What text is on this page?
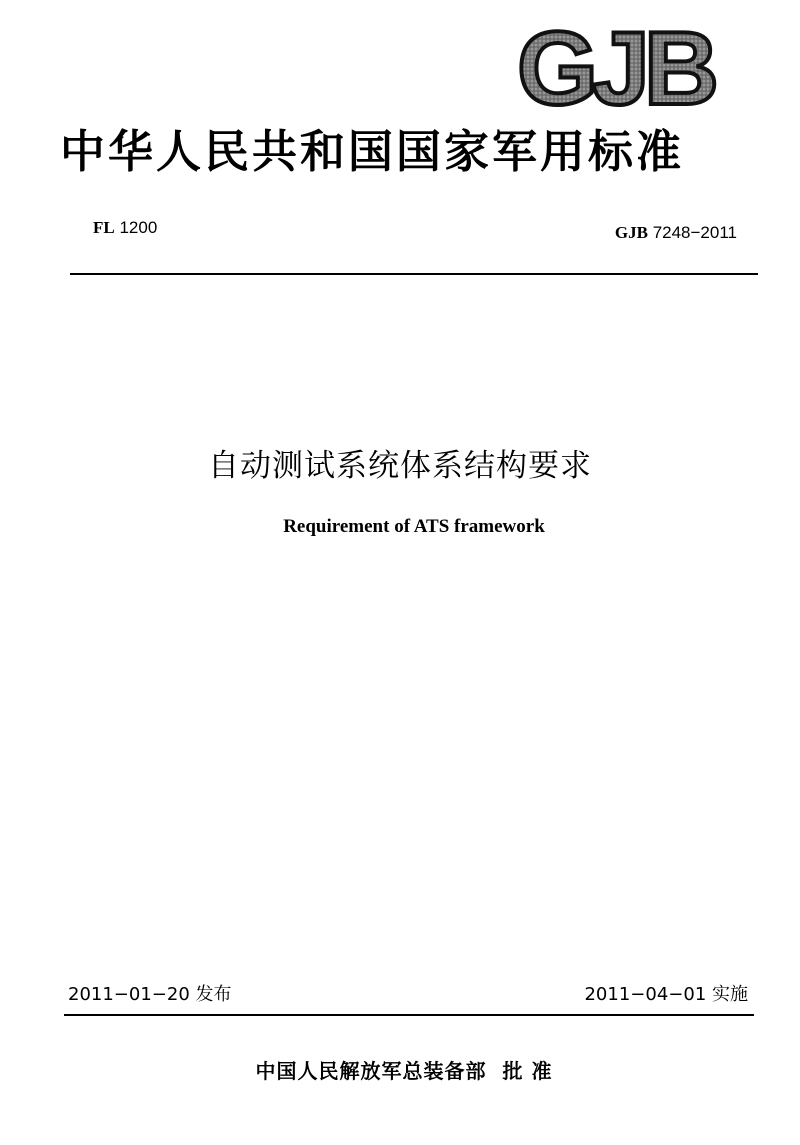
GJB
中华人民共和国国家军用标准
FL 1200	GJB 7248−2011
自动测试系统体系结构要求
Requirement of ATS framework
2011−01−20 发布	2011−04−01 实施
中国人民解放军总装备部 批 准
